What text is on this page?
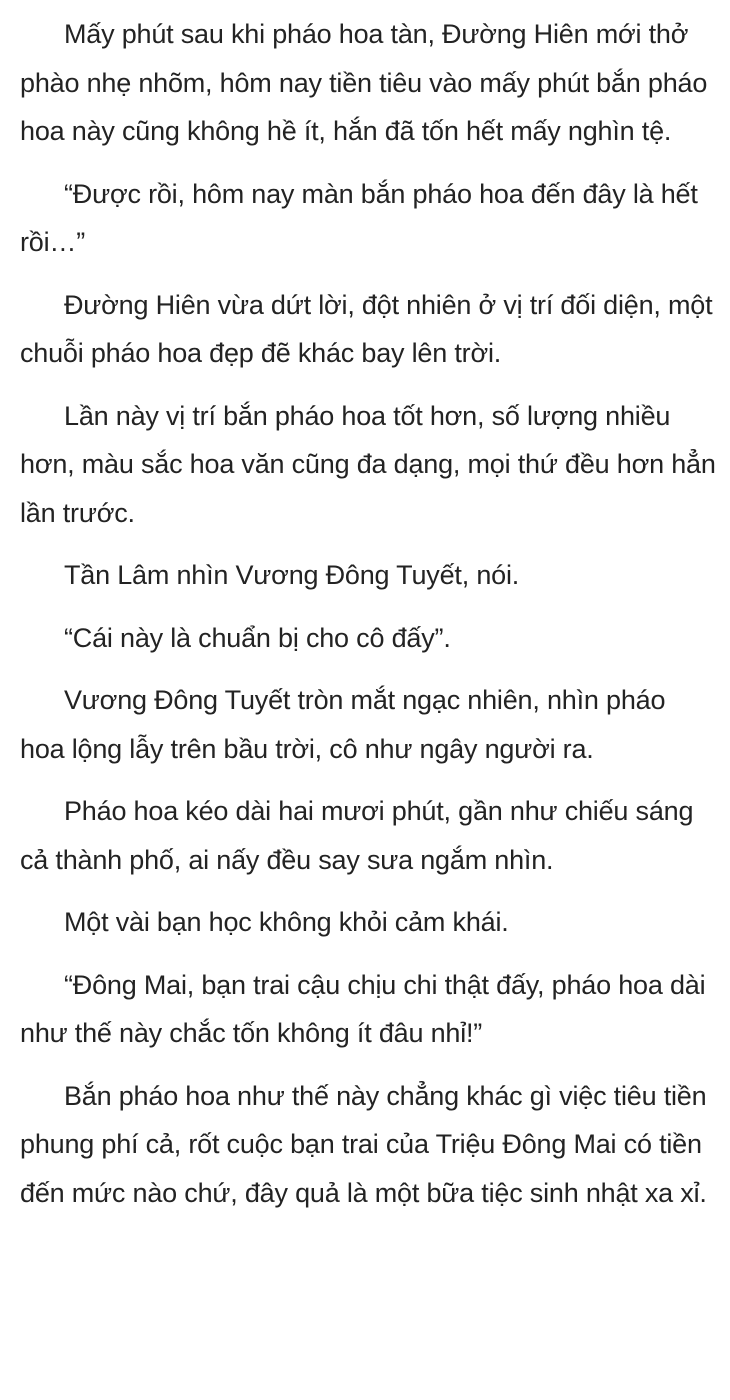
Mấy phút sau khi pháo hoa tàn, Đường Hiên mới thở phào nhẹ nhõm, hôm nay tiền tiêu vào mấy phút bắn pháo hoa này cũng không hề ít, hắn đã tốn hết mấy nghìn tệ.

“Được rồi, hôm nay màn bắn pháo hoa đến đây là hết rồi…”

Đường Hiên vừa dứt lời, đột nhiên ở vị trí đối diện, một chuỗi pháo hoa đẹp đẽ khác bay lên trời.

Lần này vị trí bắn pháo hoa tốt hơn, số lượng nhiều hơn, màu sắc hoa văn cũng đa dạng, mọi thứ đều hơn hẳn lần trước.

Tần Lâm nhìn Vương Đông Tuyết, nói.

“Cái này là chuẩn bị cho cô đấy”.

Vương Đông Tuyết tròn mắt ngạc nhiên, nhìn pháo hoa lộng lẫy trên bầu trời, cô như ngây người ra.

Pháo hoa kéo dài hai mươi phút, gần như chiếu sáng cả thành phố, ai nấy đều say sưa ngắm nhìn.

Một vài bạn học không khỏi cảm khái.

“Đông Mai, bạn trai cậu chịu chi thật đấy, pháo hoa dài như thế này chắc tốn không ít đâu nhỉ!”

Bắn pháo hoa như thế này chẳng khác gì việc tiêu tiền phung phí cả, rốt cuộc bạn trai của Triệu Đông Mai có tiền đến mức nào chứ, đây quả là một bữa tiệc sinh nhật xa xỉ.
